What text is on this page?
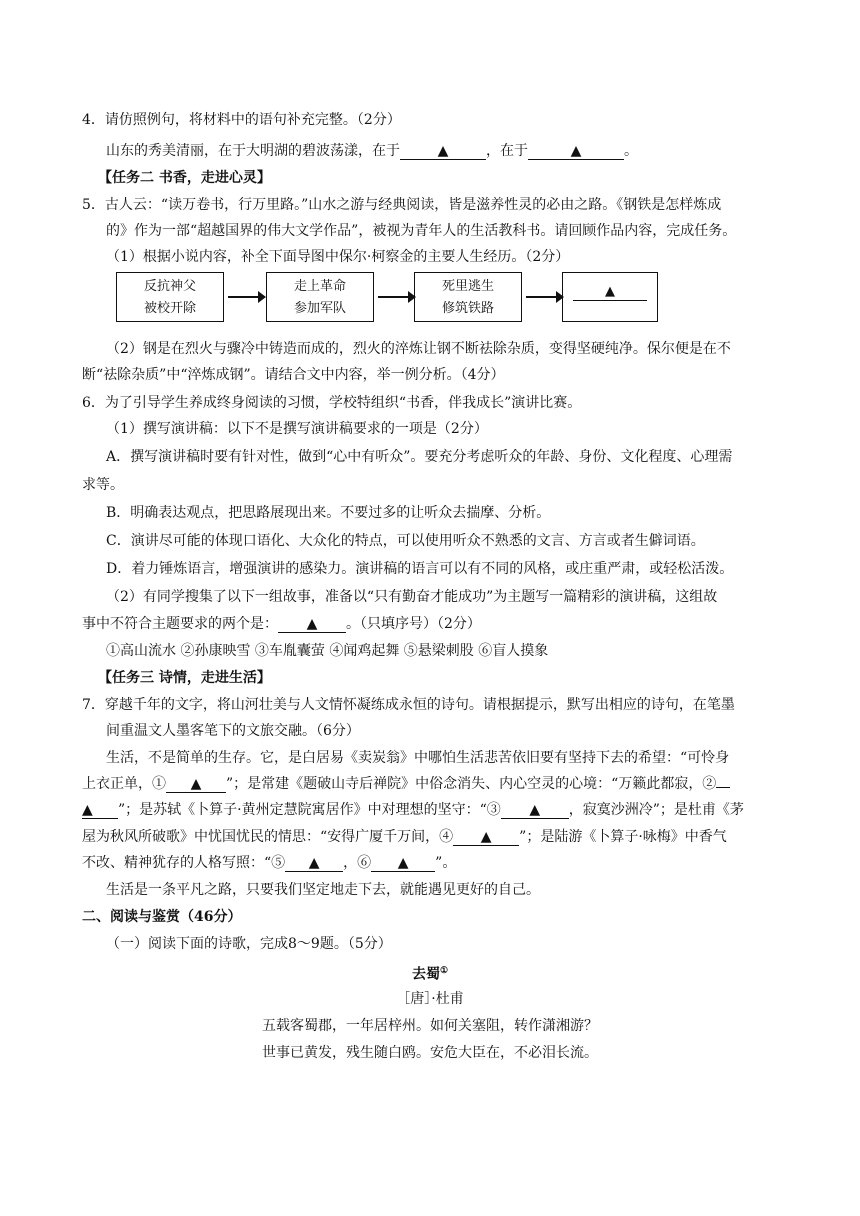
4．请仿照例句，将材料中的语句补充完整。（2分）
山东的秀美清丽，在于大明湖的碧波荡漾，在于	▲	，在于	▲	。
【任务二 书香，走进心灵】
5．古人云：“读万卷书，行万里路。”山水之游与经典阅读，皆是滋养性灵的必由之路。《钢铁是怎样炼成
的》作为一部“超越国界的伟大文学作品”，被视为青年人的生活教科书。请回顾作品内容，完成任务。
（1）根据小说内容，补全下面导图中保尔·柯察金的主要人生经历。（2分）
反抗神父
被校开除
走上革命
参加军队
死里逃生
修筑铁路
▲
（2）钢是在烈火与骤冷中铸造而成的，烈火的淬炼让钢不断祛除杂质，变得坚硬纯净。保尔便是在不
断“祛除杂质”中“淬炼成钢”。请结合文中内容，举一例分析。（4分）
6．为了引导学生养成终身阅读的习惯，学校特组织“书香，伴我成长”演讲比赛。
（1）撰写演讲稿：以下不是撰写演讲稿要求的一项是（2分）
A．撰写演讲稿时要有针对性，做到“心中有听众”。要充分考虑听众的年龄、身份、文化程度、心理需
求等。
B．明确表达观点，把思路展现出来。不要过多的让听众去揣摩、分析。
C．演讲尽可能的体现口语化、大众化的特点，可以使用听众不熟悉的文言、方言或者生僻词语。
D．着力锤炼语言，增强演讲的感染力。演讲稿的语言可以有不同的风格，或庄重严肃，或轻松活泼。
（2）有同学搜集了以下一组故事，准备以“只有勤奋才能成功”为主题写一篇精彩的演讲稿，这组故
事中不符合主题要求的两个是： ▲ 。（只填序号）（2分）
①高山流水 ②孙康映雪 ③车胤囊萤 ④闻鸡起舞 ⑤悬梁刺股 ⑥盲人摸象
【任务三 诗情，走进生活】
7．穿越千年的文字，将山河壮美与人文情怀凝练成永恒的诗句。请根据提示，默写出相应的诗句，在笔墨
间重温文人墨客笔下的文旅交融。（6分）
生活，不是简单的生存。它，是白居易《卖炭翁》中哪怕生活悲苦依旧要有坚持下去的希望：“可怜身
上衣正单，① ▲ ”；是常建《题破山寺后禅院》中俗念消失、内心空灵的心境：“万籁此都寂，②
▲ ”；是苏轼《卜算子·黄州定慧院寓居作》中对理想的坚守：“③ ▲ ，寂寞沙洲冷”；是杜甫《茅
屋为秋风所破歌》中忧国忧民的情思：“安得广厦千万间，④ ▲ ”；是陆游《卜算子·咏梅》中香气
不改、精神犹存的人格写照：“⑤ ▲ ，⑥ ▲ ”。
生活是一条平凡之路，只要我们坚定地走下去，就能遇见更好的自己。
二、阅读与鉴赏（46分）
（一）阅读下面的诗歌，完成8～9题。（5分）
去蜀①
［唐］·杜甫
五载客蜀郡，一年居梓州。如何关塞阻，转作潇湘游？
世事已黄发，残生随白鸥。安危大臣在，不必泪长流。
